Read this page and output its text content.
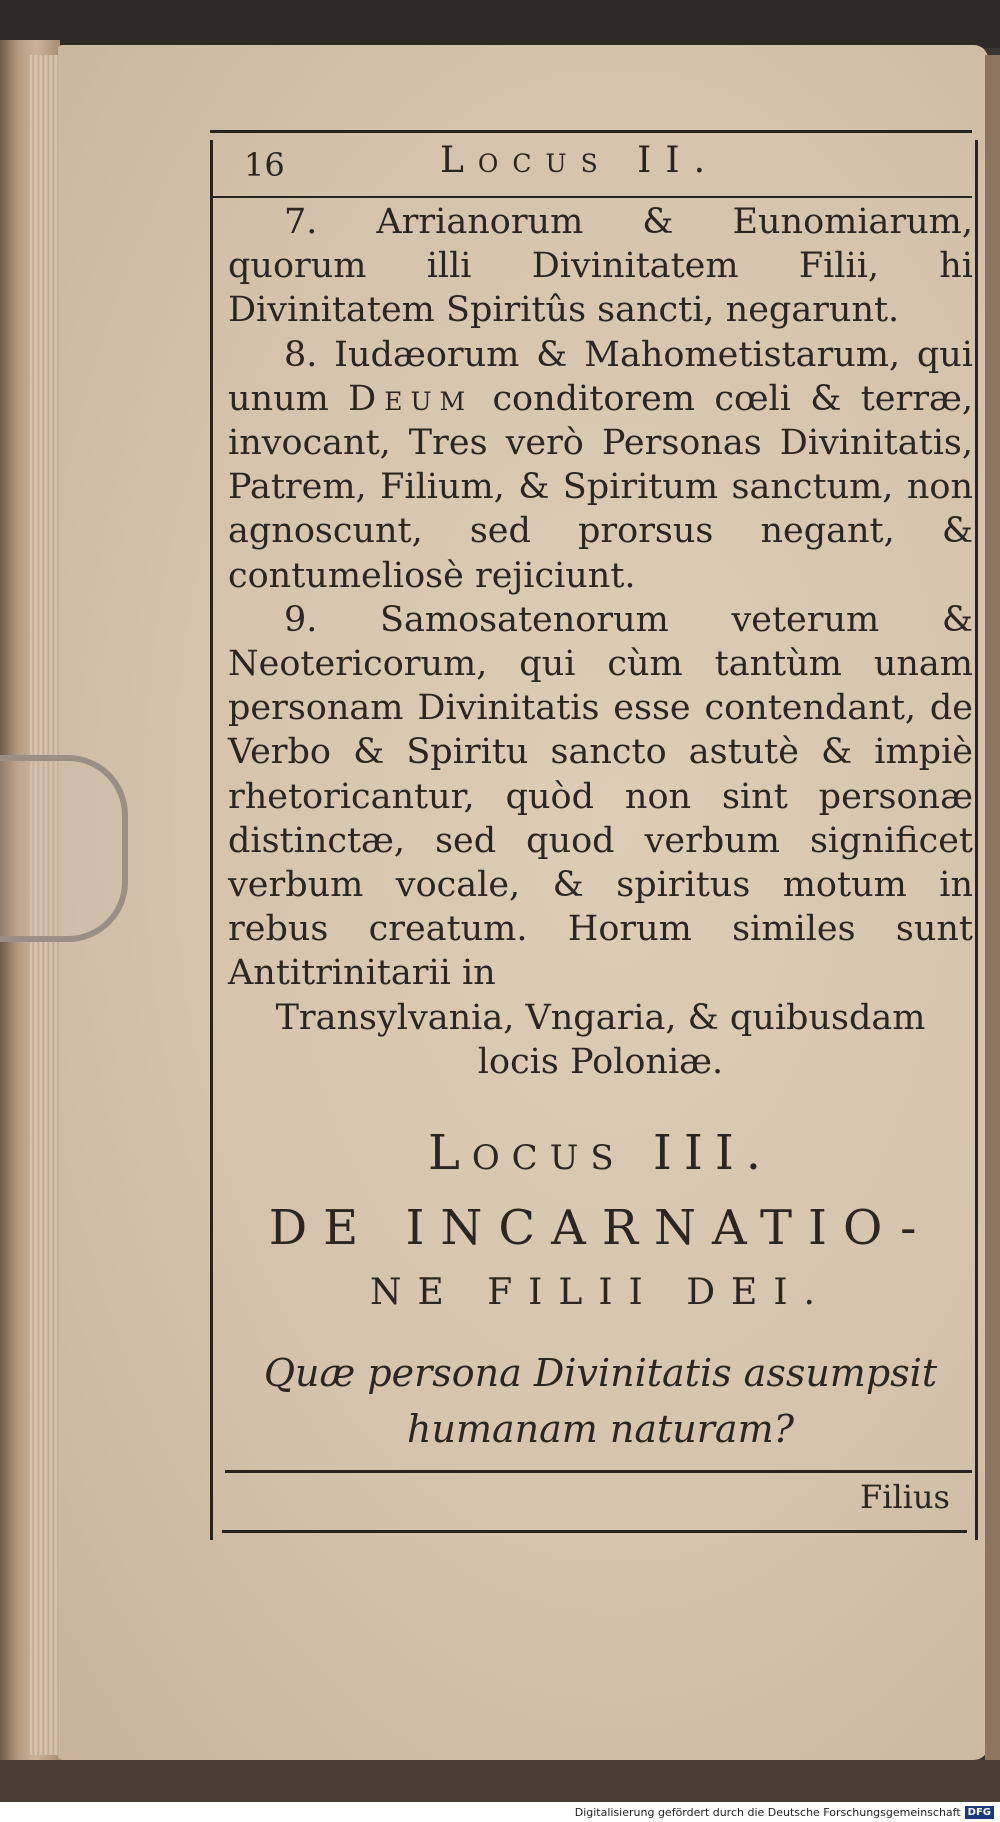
16	Locus II.

7. Arrianorum & Eunomiarum, quorum illi Divinitatem Filii, hi Divinitatem Spiritûs sancti, negarunt.

8. Iudæorum & Mahometistarum, qui unum Deum conditorem cœli & terræ, invocant, Tres verò Personas Divinitatis, Patrem, Filium, & Spiritum sanctum, non agnoscunt, sed prorsus negant, & contumeliosè rejiciunt.

9. Samosatenorum veterum & Neotericorum, qui cùm tantùm unam personam Divinitatis esse contendant, de Verbo & Spiritu sancto astutè & impiè rhetoricantur, quòd non sint personæ distinctæ, sed quod verbum significet verbum vocale, & spiritus motum in rebus creatum. Horum similes sunt Antitrinitarii in

Transylvania, Vngaria, & quibusdam locis Poloniæ.

Locus III.
DE INCARNATIO-
NE FILII DEI.
Quæ persona Divinitatis assumpsit
humanam naturam?
Filius
Digitalisierung gefördert durch die Deutsche Forschungsgemeinschaft DFG
